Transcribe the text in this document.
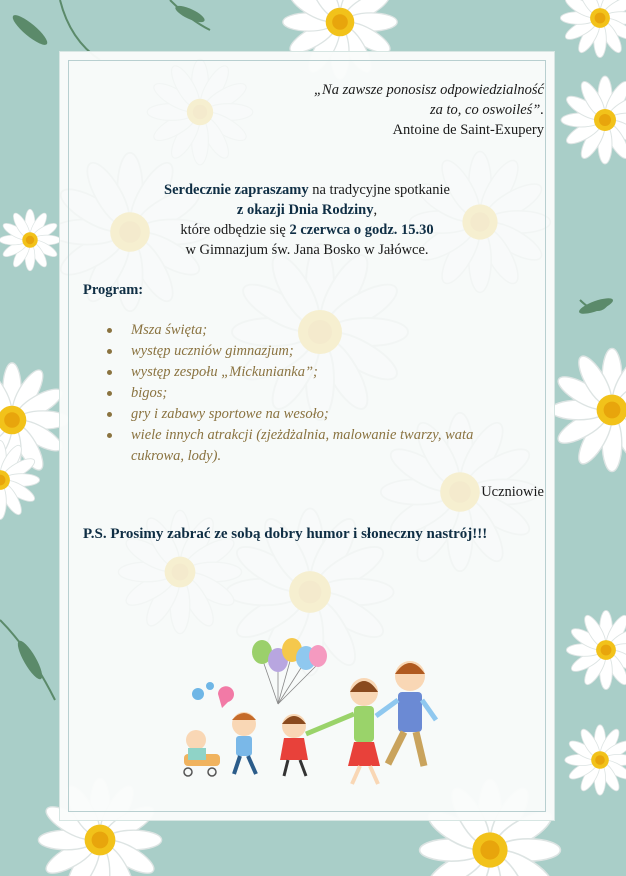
„Na zawsze ponosisz odpowiedzialność
za to, co oswoileś”.
Antoine de Saint-Exupery
Serdecznie zapraszamy na tradycyjne spotkanie
z okazji Dnia Rodziny,
które odbędzie się 2 czerwca o godz. 15.30
w Gimnazjum św. Jana Bosko w Jałówce.
Program:
Msza święta;
występ uczniów gimnazjum;
występ zespołu „Mickunianka”;
bigos;
gry i zabawy sportowe na wesoło;
wiele innych atrakcji (zjeżdżalnia, malowanie twarzy, wata
cukrowa, lody).
Uczniowie
P.S. Prosimy zabrać ze sobą dobry humor i słoneczny nastrój!!!
